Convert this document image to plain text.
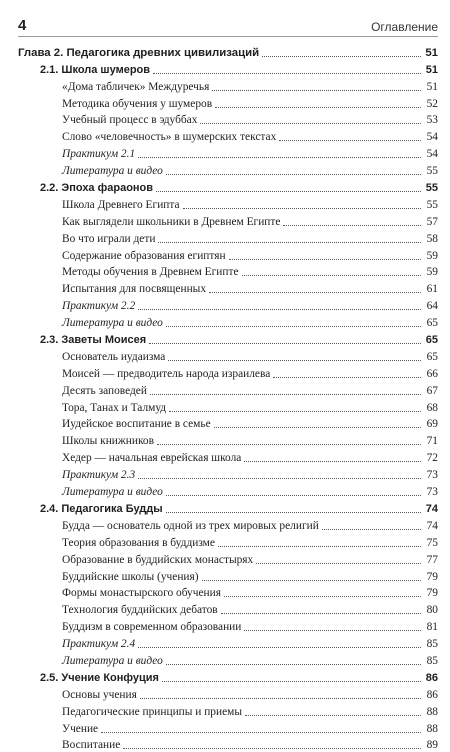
4	Оглавление
Глава 2. Педагогика древних цивилизаций	51
2.1. Школа шумеров	51
«Дома табличек» Междуречья	51
Методика обучения у шумеров	52
Учебный процесс в эдуббах	53
Слово «человечность» в шумерских текстах	54
Практикум 2.1	54
Литература и видео	55
2.2. Эпоха фараонов	55
Школа Древнего Египта	55
Как выглядели школьники в Древнем Египте	57
Во что играли дети	58
Содержание образования египтян	59
Методы обучения в Древнем Египте	59
Испытания для посвященных	61
Практикум 2.2	64
Литература и видео	65
2.3. Заветы Моисея	65
Основатель иудаизма	65
Моисей — предводитель народа израилева	66
Десять заповедей	67
Тора, Танах и Талмуд	68
Иудейское воспитание в семье	69
Школы книжников	71
Хедер — начальная еврейская школа	72
Практикум 2.3	73
Литература и видео	73
2.4. Педагогика Будды	74
Будда — основатель одной из трех мировых религий	74
Теория образования в буддизме	75
Образование в буддийских монастырях	77
Буддийские школы (учения)	79
Формы монастырского обучения	79
Технология буддийских дебатов	80
Буддизм в современном образовании	81
Практикум 2.4	85
Литература и видео	85
2.5. Учение Конфуция	86
Основы учения	86
Педагогические принципы и приемы	88
Учение	88
Воспитание	89
